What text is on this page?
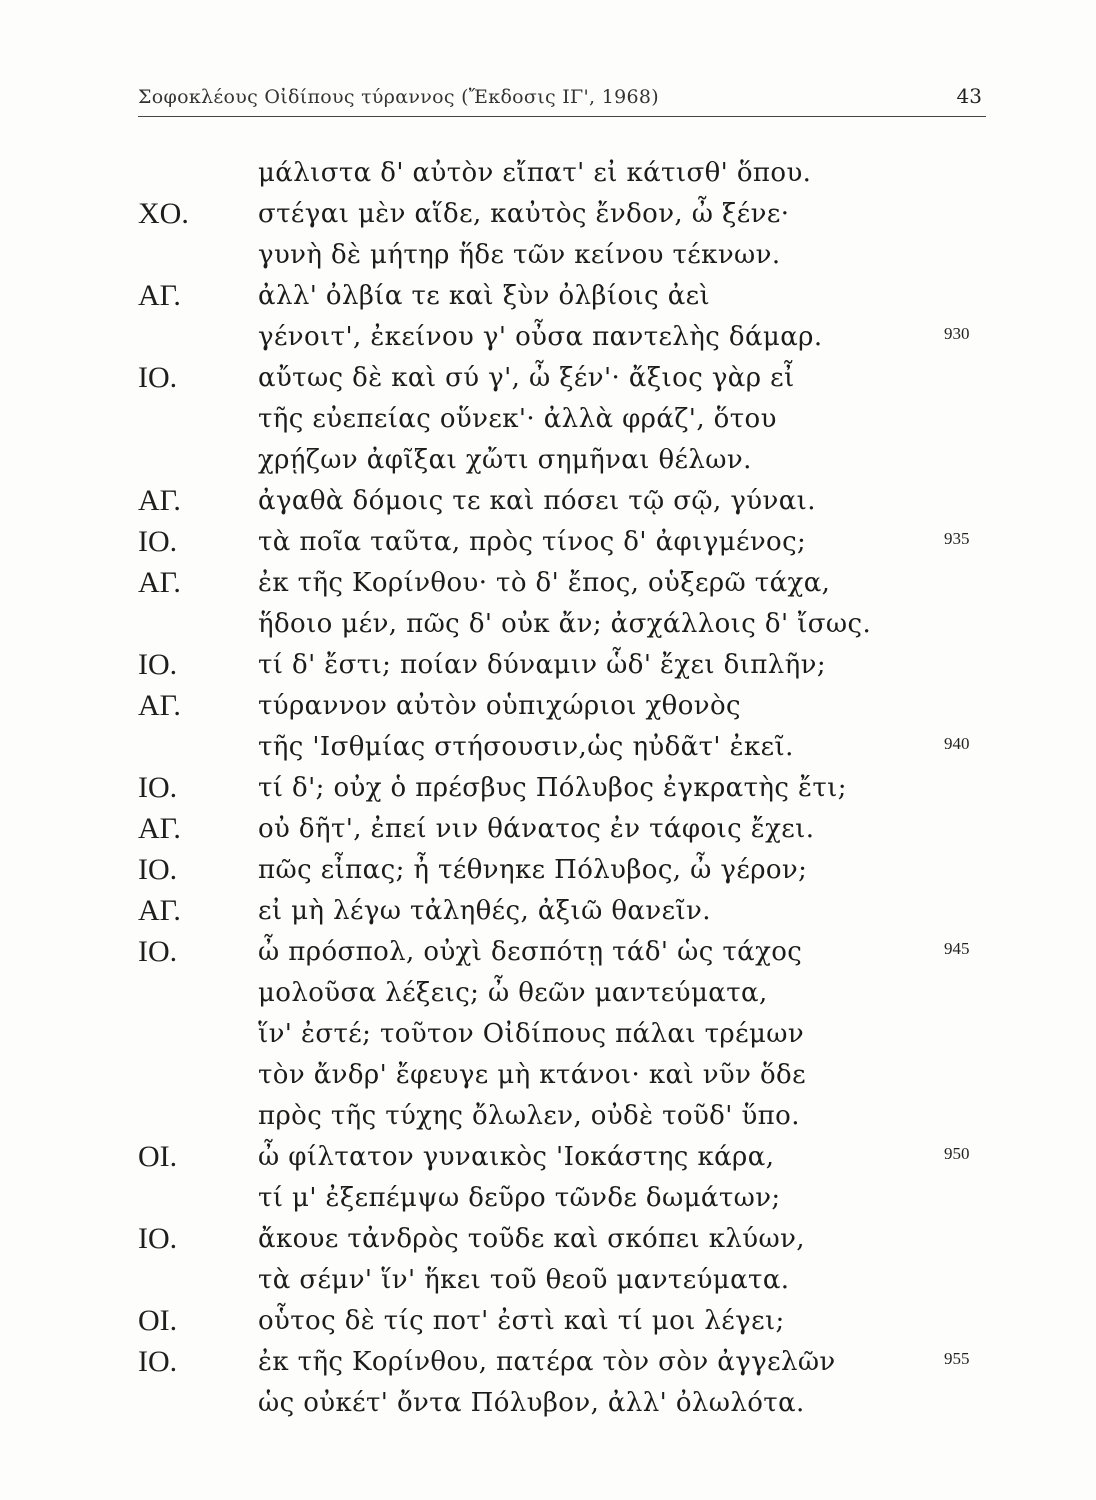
Σοφοκλέους Οἰδίπους τύραννος (Ἔκδοσις ΙΓ', 1968)	43
μάλιστα δ' αὐτὸν εἴπατ' εἰ κάτισθ' ὅπου.
ΧΟ.	στέγαι μὲν αἵδε, καὐτὸς ἔνδον, ὦ ξένε·
γυνὴ δὲ μήτηρ ἥδε τῶν κείνου τέκνων.
ΑΓ.	ἀλλ' ὀλβία τε καὶ ξὺν ὀλβίοις ἀεὶ
γένοιτ', ἐκείνου γ' οὖσα παντελὴς δάμαρ.	930
ΙΟ.	αὔτως δὲ καὶ σύ γ', ὦ ξέν'· ἄξιος γὰρ εἶ
τῆς εὐεπείας οὕνεκ'· ἀλλὰ φράζ', ὅτου
χρῄζων ἀφῖξαι χὤτι σημῆναι θέλων.
ΑΓ.	ἀγαθὰ δόμοις τε καὶ πόσει τῷ σῷ, γύναι.
ΙΟ.	τὰ ποῖα ταῦτα, πρὸς τίνος δ' ἀφιγμένος;	935
ΑΓ.	ἐκ τῆς Κορίνθου· τὸ δ' ἔπος, οὑξερῶ τάχα,
ἥδοιο μέν, πῶς δ' οὐκ ἄν; ἀσχάλλοις δ' ἴσως.
ΙΟ.	τί δ' ἔστι; ποίαν δύναμιν ὧδ' ἔχει διπλῆν;
ΑΓ.	τύραννον αὐτὸν οὑπιχώριοι χθονὸς
τῆς 'Ισθμίας στήσουσιν,ὡς ηὐδᾶτ' ἐκεῖ.	940
ΙΟ.	τί δ'; οὐχ ὁ πρέσβυς Πόλυβος ἐγκρατὴς ἔτι;
ΑΓ.	οὐ δῆτ', ἐπεί νιν θάνατος ἐν τάφοις ἔχει.
ΙΟ.	πῶς εἶπας; ἦ τέθνηκε Πόλυβος, ὦ γέρον;
ΑΓ.	εἰ μὴ λέγω τἀληθές, ἀξιῶ θανεῖν.
ΙΟ.	ὦ πρόσπολ, οὐχὶ δεσπότῃ τάδ' ὡς τάχος	945
μολοῦσα λέξεις; ὦ θεῶν μαντεύματα,
ἵν' ἐστέ; τοῦτον Οἰδίπους πάλαι τρέμων
τὸν ἄνδρ' ἔφευγε μὴ κτάνοι· καὶ νῦν ὅδε
πρὸς τῆς τύχης ὄλωλεν, οὐδὲ τοῦδ' ὕπο.
ΟΙ.	ὦ φίλτατον γυναικὸς 'Ιοκάστης κάρα,	950
τί μ' ἐξεπέμψω δεῦρο τῶνδε δωμάτων;
ΙΟ.	ἄκουε τἀνδρὸς τοῦδε καὶ σκόπει κλύων,
τὰ σέμν' ἵν' ἥκει τοῦ θεοῦ μαντεύματα.
ΟΙ.	οὗτος δὲ τίς ποτ' ἐστὶ καὶ τί μοι λέγει;
ΙΟ.	ἐκ τῆς Κορίνθου, πατέρα τὸν σὸν ἀγγελῶν	955
ὡς οὐκέτ' ὄντα Πόλυβον, ἀλλ' ὀλωλότα.
